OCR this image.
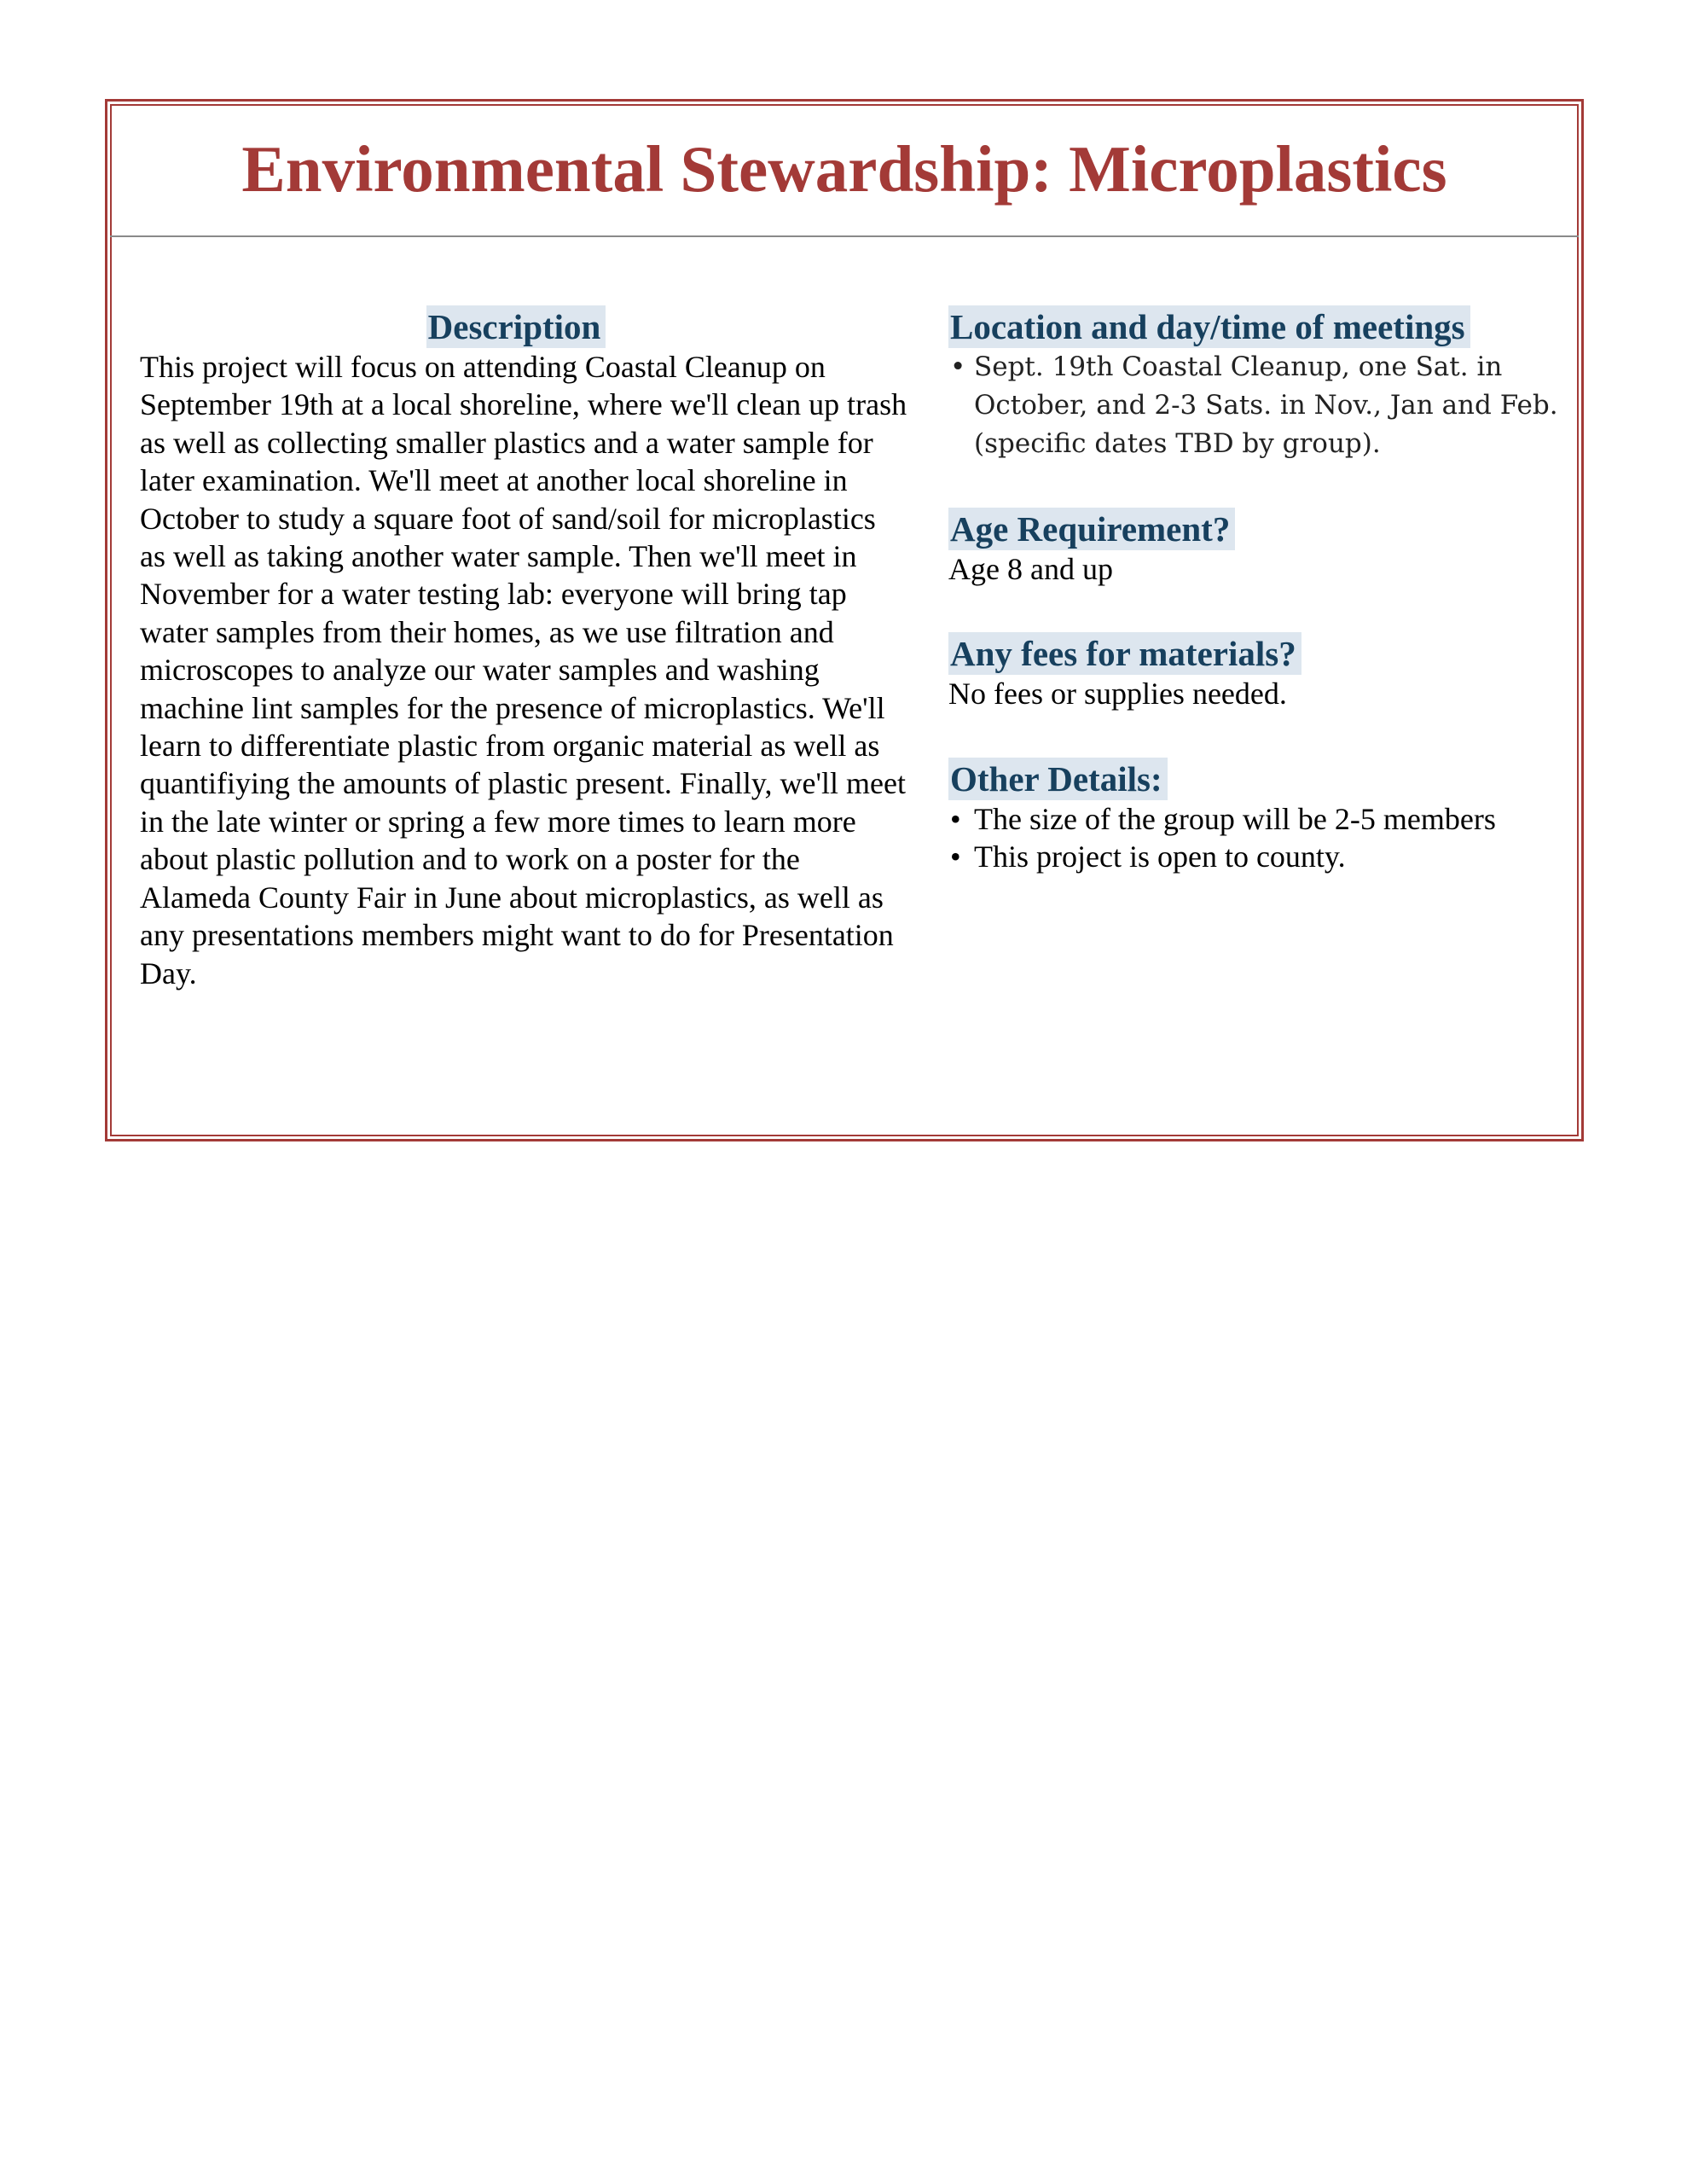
Environmental Stewardship: Microplastics
Description

This project will focus on attending Coastal Cleanup on September 19th at a local shoreline, where we'll clean up trash as well as collecting smaller plastics and a water sample for later examination. We'll meet at another local shoreline in October to study a square foot of sand/soil for microplastics as well as taking another water sample. Then we'll meet in November for a water testing lab: everyone will bring tap water samples from their homes, as we use filtration and microscopes to analyze our water samples and washing machine lint samples for the presence of microplastics. We'll learn to differentiate plastic from organic material as well as quantifiying the amounts of plastic present. Finally, we'll meet in the late winter or spring a few more times to learn more about plastic pollution and to work on a poster for the Alameda County Fair in June about microplastics, as well as any presentations members might want to do for Presentation Day.

Location and day/time of meetings
• Sept. 19th Coastal Cleanup, one Sat. in October, and 2-3 Sats. in Nov., Jan and Feb. (specific dates TBD by group).
Age Requirement?

Age 8 and up

Any fees for materials?

No fees or supplies needed.

Other Details:
• The size of the group will be 2-5 members
• This project is open to county.
